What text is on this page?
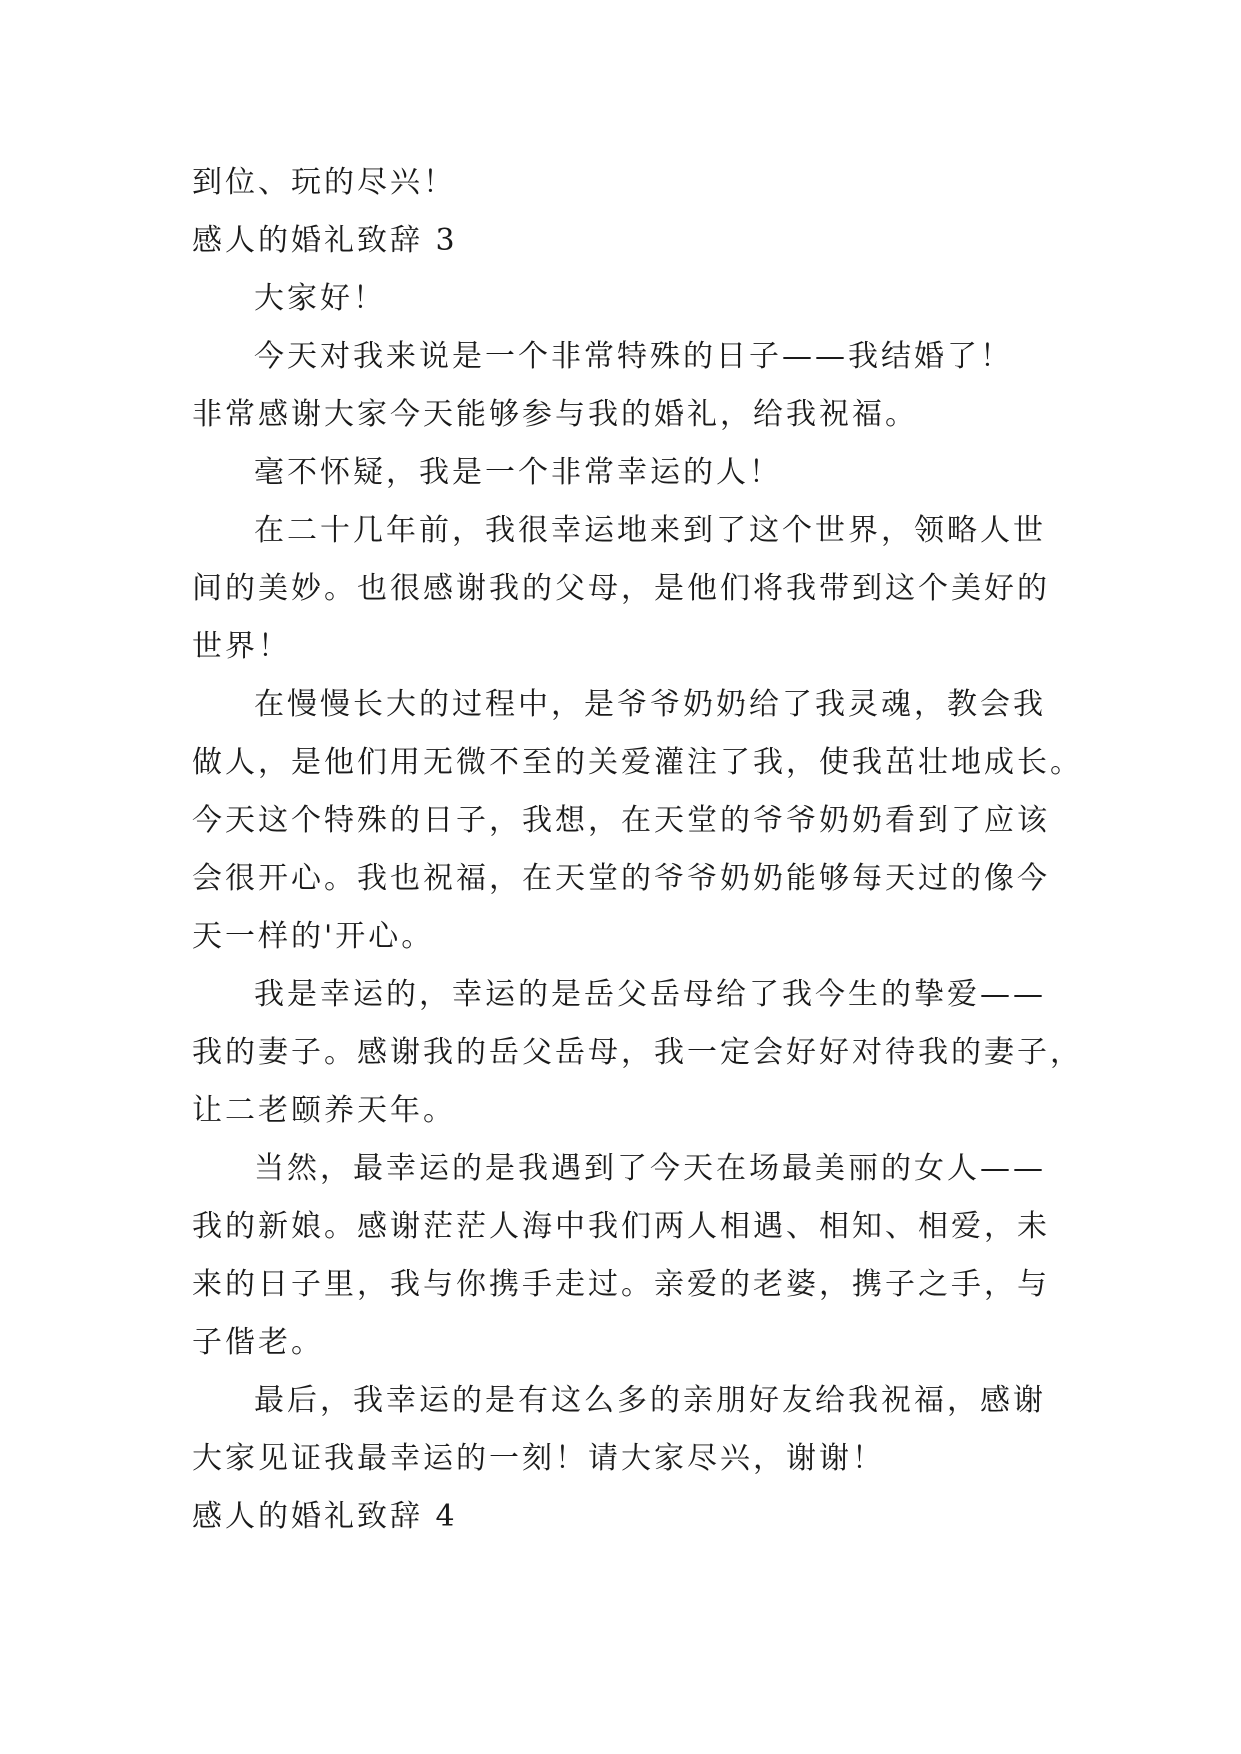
到位、玩的尽兴！

感人的婚礼致辞 3

大家好！

今天对我来说是一个非常特殊的日子——我结婚了！

非常感谢大家今天能够参与我的婚礼，给我祝福。

毫不怀疑，我是一个非常幸运的人！

在二十几年前，我很幸运地来到了这个世界，领略人世

间的美妙。也很感谢我的父母，是他们将我带到这个美好的

世界！

在慢慢长大的过程中，是爷爷奶奶给了我灵魂，教会我

做人，是他们用无微不至的关爱灌注了我，使我茁壮地成长。

今天这个特殊的日子，我想，在天堂的爷爷奶奶看到了应该

会很开心。我也祝福，在天堂的爷爷奶奶能够每天过的像今

天一样的'开心。

我是幸运的，幸运的是岳父岳母给了我今生的挚爱——

我的妻子。感谢我的岳父岳母，我一定会好好对待我的妻子，

让二老颐养天年。

当然，最幸运的是我遇到了今天在场最美丽的女人——

我的新娘。感谢茫茫人海中我们两人相遇、相知、相爱，未

来的日子里，我与你携手走过。亲爱的老婆，携子之手，与

子偕老。

最后，我幸运的是有这么多的亲朋好友给我祝福，感谢

大家见证我最幸运的一刻！请大家尽兴，谢谢！

感人的婚礼致辞 4
